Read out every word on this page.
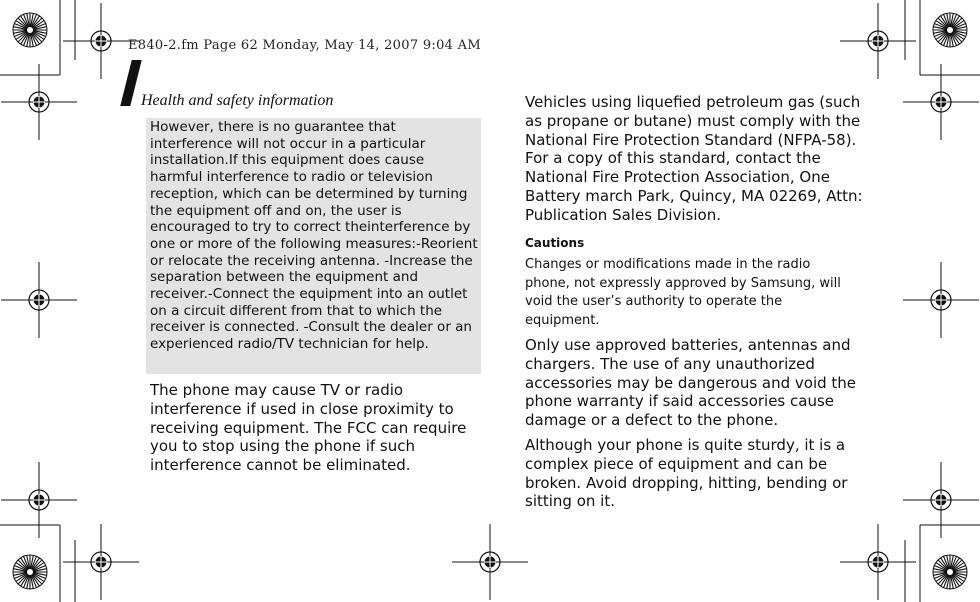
E840-2.fm Page 62 Monday, May 14, 2007 9:04 AM
Health and safety information
However, there is no guarantee that interference will not occur in a particular installation.If this equipment does cause harmful interference to radio or television reception, which can be determined by turning the equipment off and on, the user is encouraged to try to correct theinterference by one or more of the following measures:-Reorient or relocate the receiving antenna. -Increase the separation between the equipment and receiver.-Connect the equipment into an outlet on a circuit different from that to which the receiver is connected. -Consult the dealer or an experienced radio/TV technician for help.
The phone may cause TV or radio interference if used in close proximity to receiving equipment. The FCC can require you to stop using the phone if such interference cannot be eliminated.
Vehicles using liquefied petroleum gas (such as propane or butane) must comply with the National Fire Protection Standard (NFPA-58). For a copy of this standard, contact the National Fire Protection Association, One Battery march Park, Quincy, MA 02269, Attn: Publication Sales Division.
Cautions
Changes or modifications made in the radio phone, not expressly approved by Samsung, will void the user’s authority to operate the equipment.
Only use approved batteries, antennas and chargers. The use of any unauthorized accessories may be dangerous and void the phone warranty if said accessories cause damage or a defect to the phone.
Although your phone is quite sturdy, it is a complex piece of equipment and can be broken. Avoid dropping, hitting, bending or sitting on it.
